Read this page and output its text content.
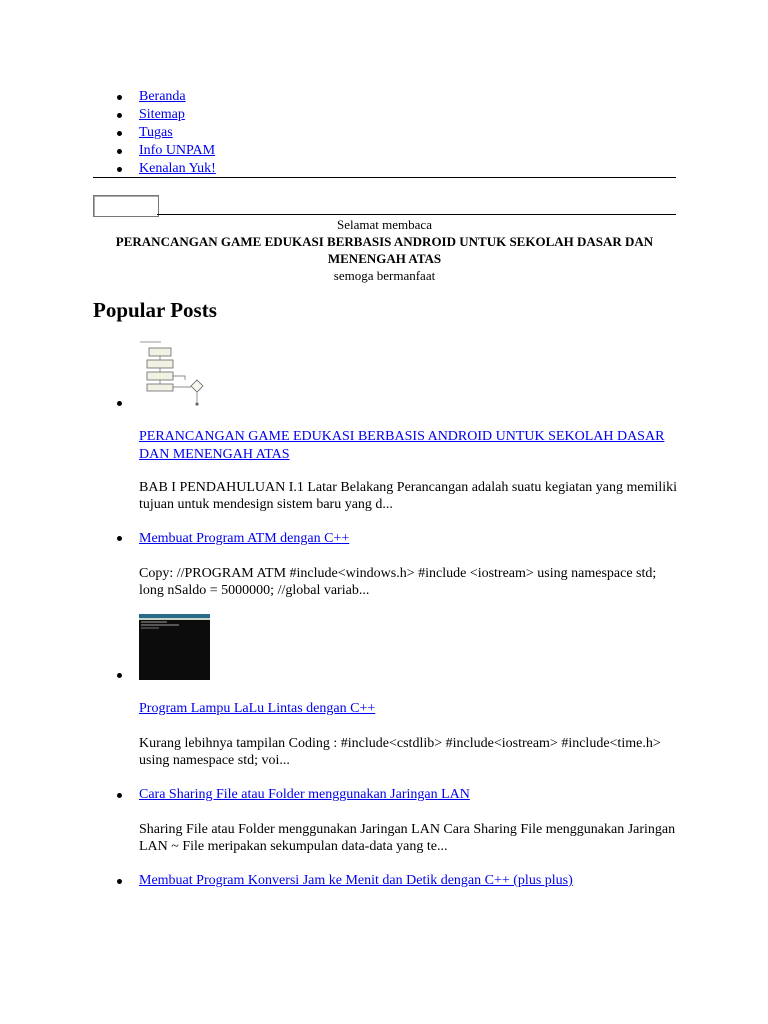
Beranda
Sitemap
Tugas
Info UNPAM
Kenalan Yuk!
Selamat membaca
PERANCANGAN GAME EDUKASI BERBASIS ANDROID UNTUK SEKOLAH DASAR DAN MENENGAH ATAS
semoga bermanfaat
Popular Posts
PERANCANGAN GAME EDUKASI BERBASIS ANDROID UNTUK SEKOLAH DASAR DAN MENENGAH ATAS
BAB I PENDAHULUAN I.1 Latar Belakang Perancangan adalah suatu kegiatan yang memiliki tujuan untuk mendesign sistem baru yang d...
Membuat Program ATM dengan C++
Copy: //PROGRAM ATM #include<windows.h> #include <iostream> using namespace std; long nSaldo = 5000000; //global variab...
Program Lampu LaLu Lintas dengan C++
Kurang lebihnya tampilan Coding : #include<cstdlib> #include<iostream> #include<time.h> using namespace std; voi...
Cara Sharing File atau Folder menggunakan Jaringan LAN
Sharing File atau Folder menggunakan Jaringan LAN Cara Sharing File menggunakan Jaringan LAN ~ File meripakan sekumpulan data-data yang te...
Membuat Program Konversi Jam ke Menit dan Detik dengan C++ (plus plus)
